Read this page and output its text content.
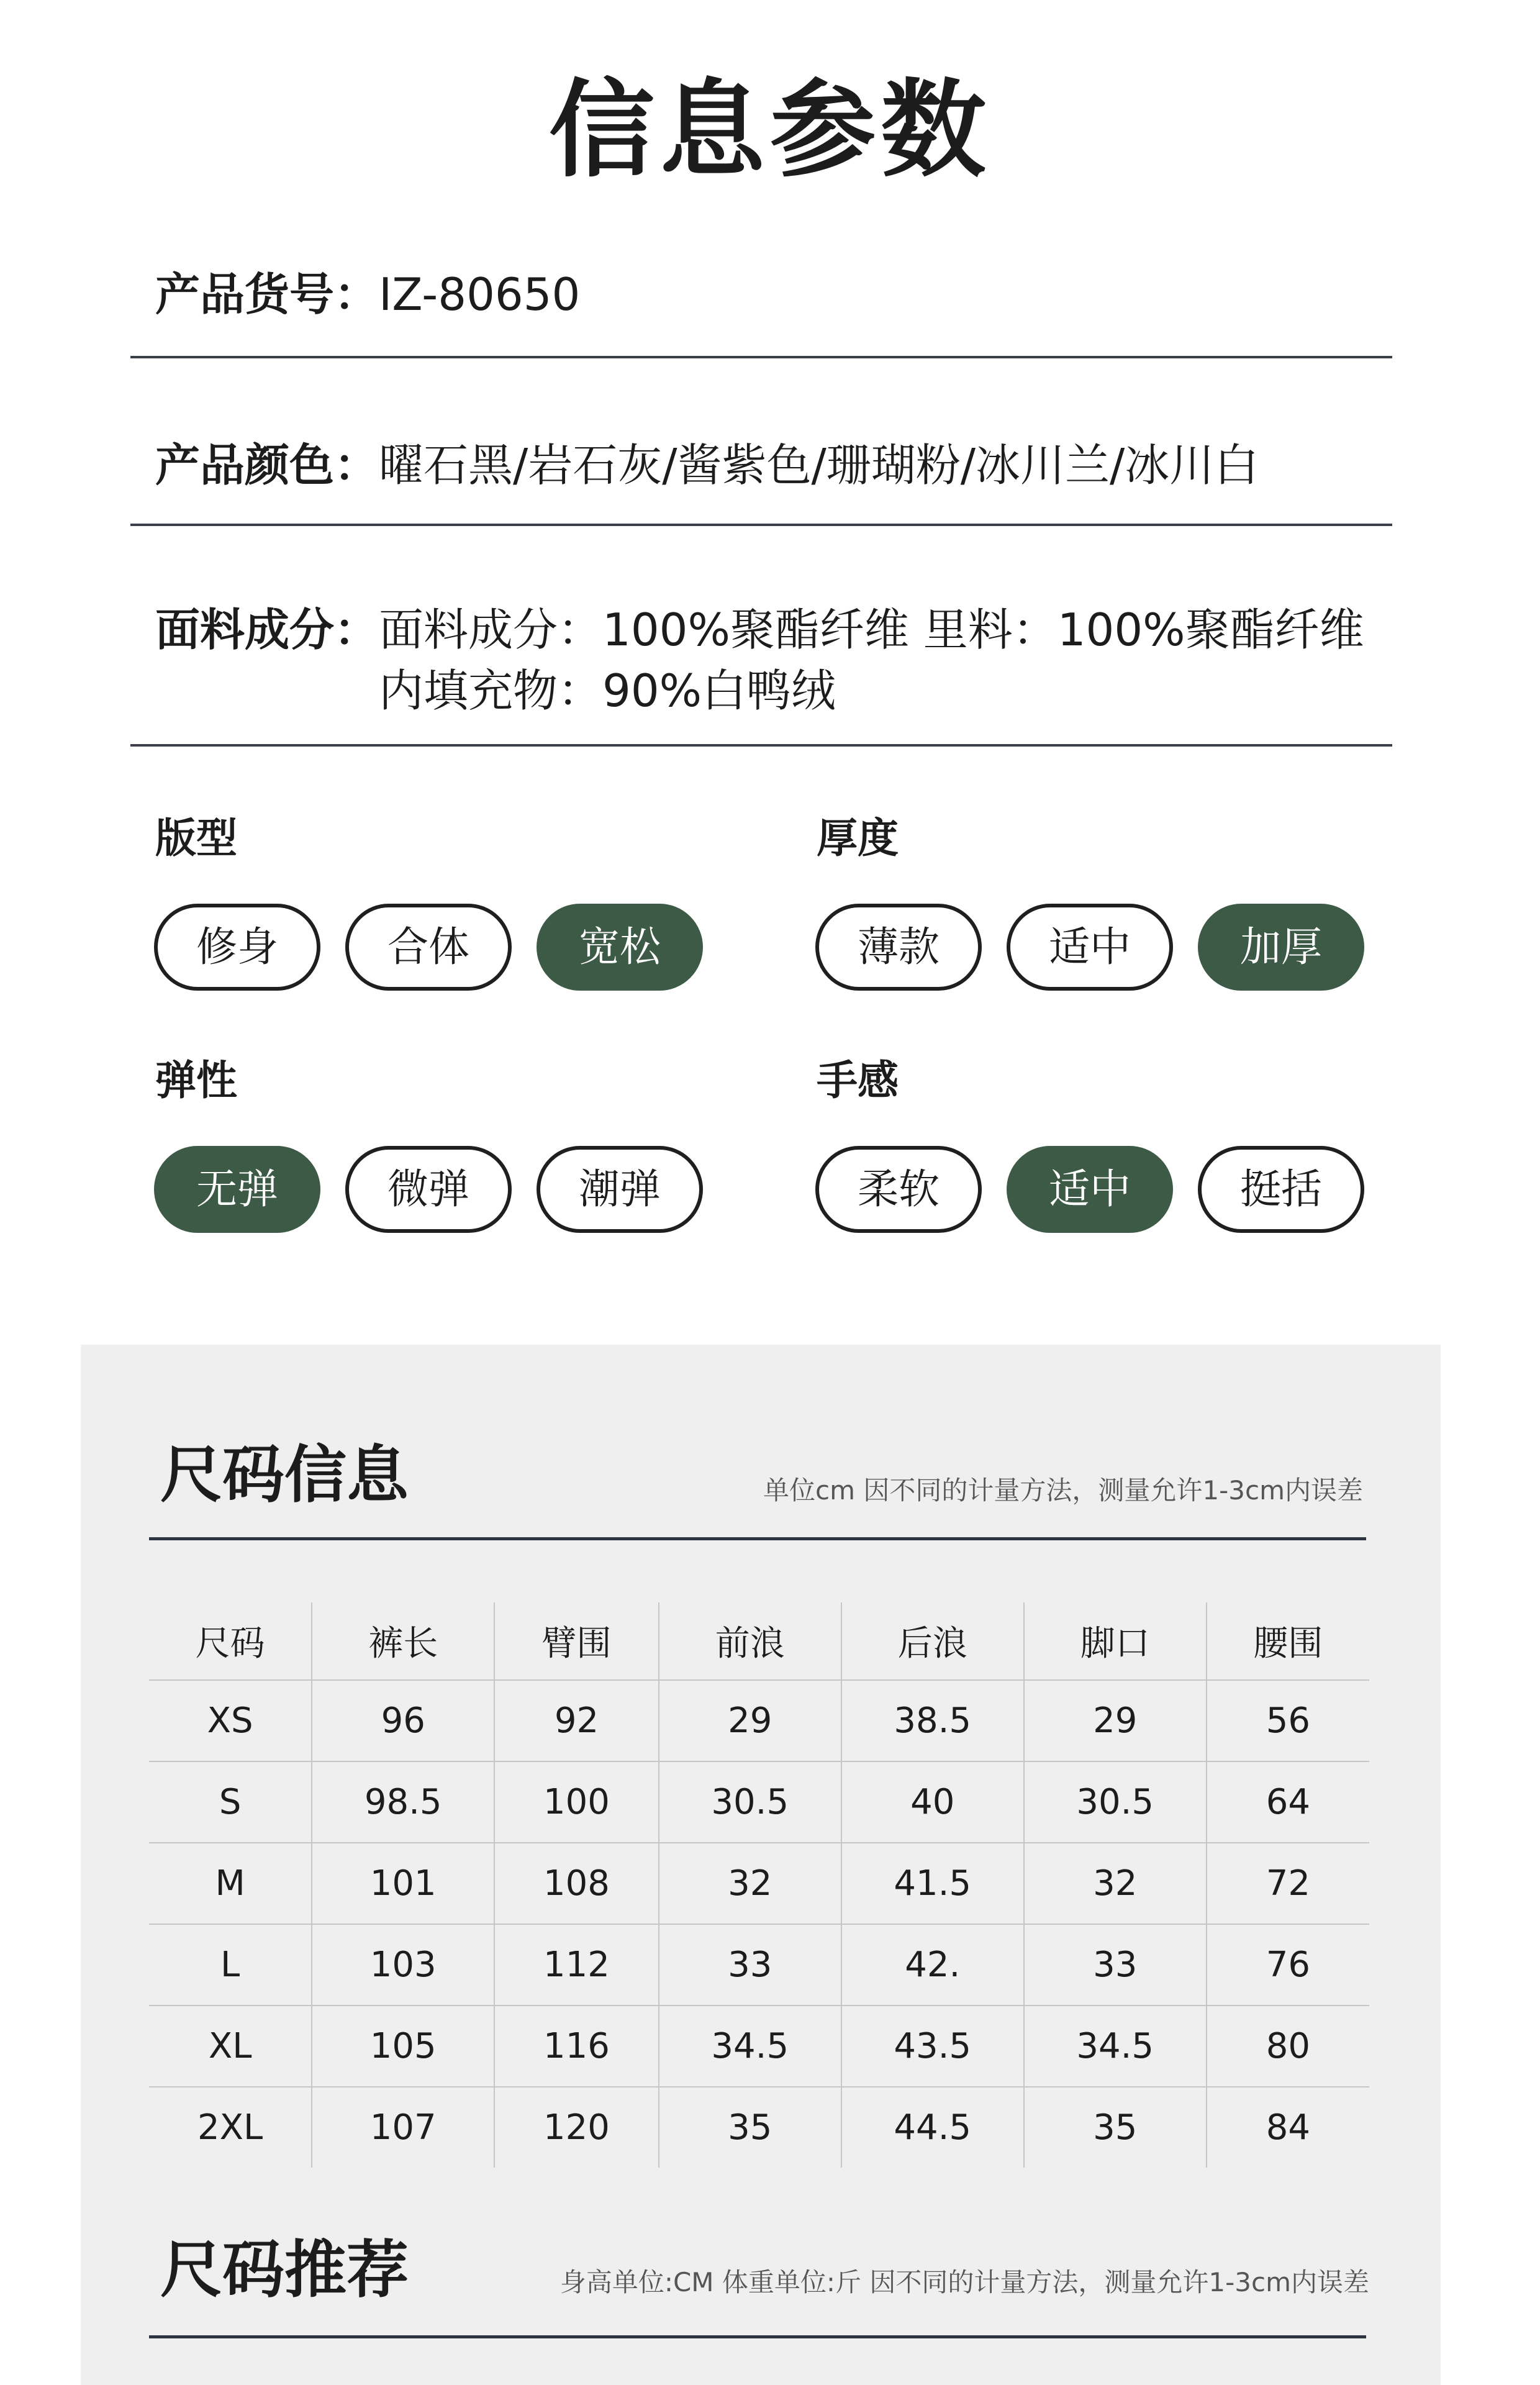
信息参数
产品货号：IZ-80650
产品颜色：曜石黑/岩石灰/酱紫色/珊瑚粉/冰川兰/冰川白
面料成分：面料成分：100%聚酯纤维 里料：100%聚酯纤维
内填充物：90%白鸭绒
版型
修身	合体	宽松
厚度
薄款	适中	加厚
弹性
无弹	微弹	潮弹
手感
柔软	适中	挺括
尺码信息	单位cm 因不同的计量方法，测量允许1-3cm内误差
尺码	裤长	臂围	前浪	后浪	脚口	腰围
XS	96	92	29	38.5	29	56
S	98.5	100	30.5	40	30.5	64
M	101	108	32	41.5	32	72
L	103	112	33	42.	33	76
XL	105	116	34.5	43.5	34.5	80
2XL	107	120	35	44.5	35	84
尺码推荐	身高单位:CM 体重单位:斤 因不同的计量方法，测量允许1-3cm内误差
